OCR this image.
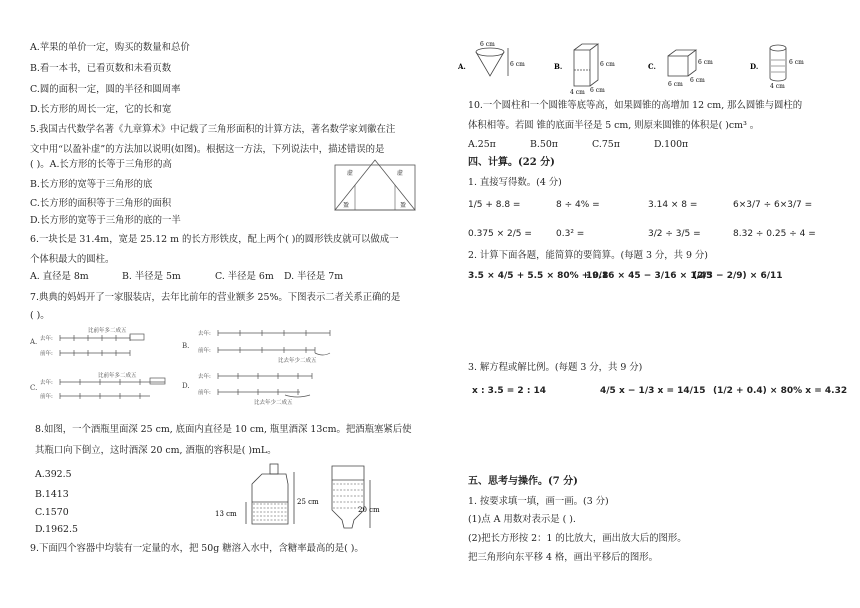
A.苹果的单价一定，购买的数量和总价
B.看一本书，已看页数和未看页数
C.圆的面积一定，圆的半径和圆周率
D.长方形的周长一定，它的长和宽
5.我国古代数学名著《九章算术》中记载了三角形面积的计算方法，著名数学家刘徽在注
文中用“以盈补虚”的方法加以说明(如图)。根据这一方法，下列说法中，描述错误的是
( )。A.长方形的长等于三角形的高
B.长方形的宽等于三角形的底
C.长方形的面积等于三角形的面积
D.长方形的宽等于三角形的底的一半
虚	虚
盈	盈
6.一块长是 31.4m，宽是 25.12 m 的长方形铁皮，配上两个( )的圆形铁皮就可以做成一
个体积最大的圆柱。
A. 直径是 8m	B. 半径是 5m	C. 半径是 6m D. 半径是 7m
7.典典的妈妈开了一家服装店，去年比前年的营业额多 25%。下图表示二者关系正确的是
( )。
A.
比前年多二成五
去年:
前年:
B.
去年:
前年:
比去年少二成五
C.
比前年多二成五
去年:
前年:
D.
去年:
前年:
比去年少二成五
8.如图，一个酒瓶里面深 25 cm, 底面内直径是 10 cm, 瓶里酒深 13cm。把酒瓶塞紧后使
其瓶口向下倒立，这时酒深 20 cm, 酒瓶的容积是( )mL。
A.392.5
B.1413
C.1570
D.1962.5
25 cm
13 cm	20 cm
9.下面四个容器中均装有一定量的水，把 50g 糖溶入水中，含糖率最高的是( )。
A.	B.	C.	D.
6 cm
6 cm
4 cm 6 cm
6 cm
6 cm
6 cm
6 cm
6 cm
4 cm
10.一个圆柱和一个圆锥等底等高，如果圆锥的高增加 12 cm, 那么圆锥与圆柱的
体积相等。若圆 锥的底面半径是 5 cm, 则原来圆锥的体积是( )cm³ 。
A.25π	B.50π	C.75π	D.100π
四、计算。(22 分)
1. 直接写得数。(4 分)
1/5 + 8.8 =	8 ÷ 4% =	3.14 × 8 =	6×3/7 ÷ 6×3/7 =
0.375 × 2/5 =	0.3² =	3/2 ÷ 3/5 =	8.32 ÷ 0.25 ÷ 4 =
2. 计算下面各题，能简算的要简算。(每题 3 分，共 9 分)
3.5 × 4/5 + 5.5 × 80% + 0.8
19/16 × 45 − 3/16 × 1/45
(2/3 − 2/9) × 6/11
3. 解方程或解比例。(每题 3 分，共 9 分)
x : 3.5 = 2 : 14	4/5 x − 1/3 x = 14/15 (1/2 + 0.4) × 80% x = 4.32
五、思考与操作。(7 分)
1. 按要求填一填，画一画。(3 分)
(1)点 A 用数对表示是 ( ).
(2)把长方形按 2：1 的比放大，画出放大后的图形。
把三角形向东平移 4 格，画出平移后的图形。
